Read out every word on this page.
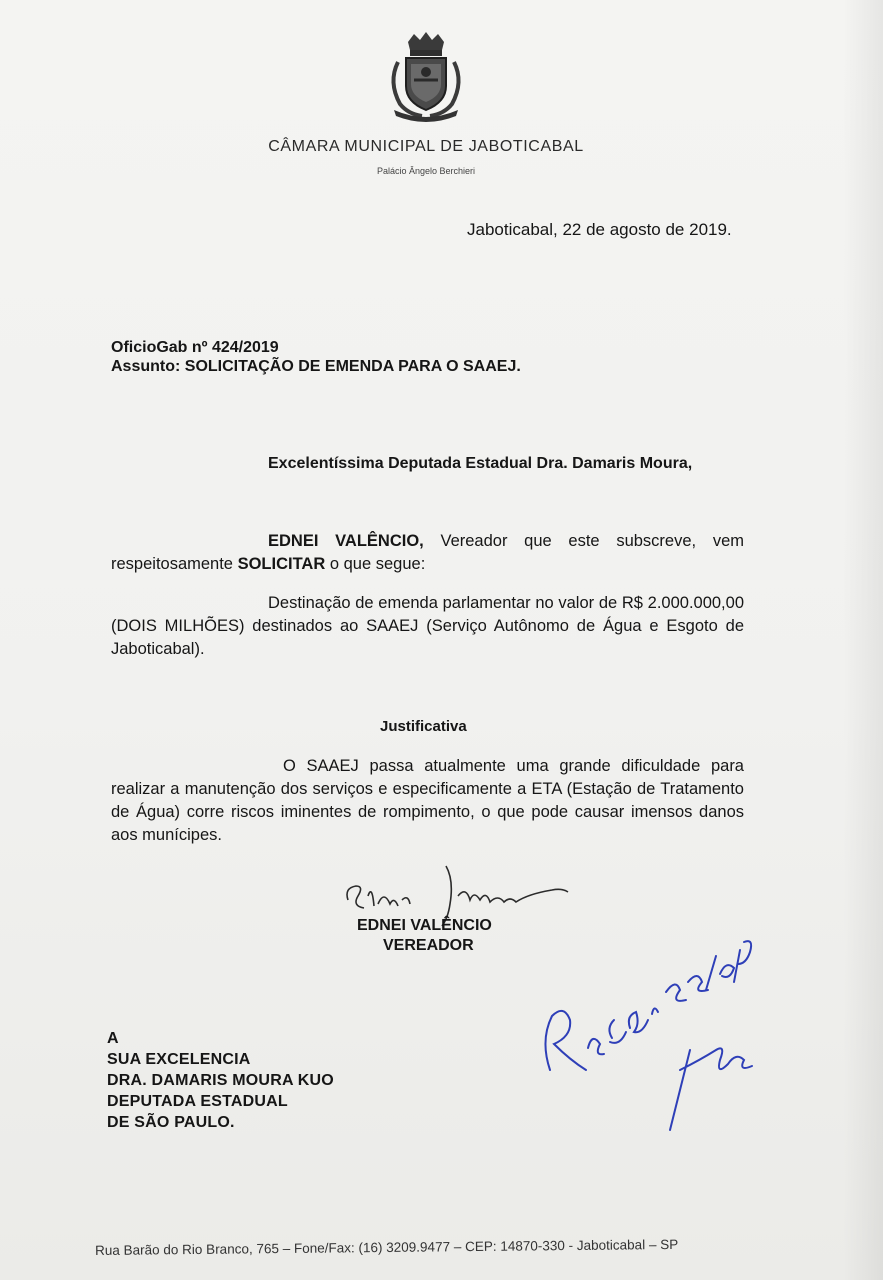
CÂMARA MUNICIPAL DE JABOTICABAL
Palácio Ângelo Berchieri
Jaboticabal, 22 de agosto de 2019.
OficioGab nº 424/2019
Assunto: SOLICITAÇÃO DE EMENDA PARA O SAAEJ.
Excelentíssima Deputada Estadual Dra. Damaris Moura,
EDNEI VALÊNCIO, Vereador que este subscreve, vem respeitosamente SOLICITAR o que segue:
Destinação de emenda parlamentar no valor de R$ 2.000.000,00 (DOIS MILHÕES) destinados ao SAAEJ (Serviço Autônomo de Água e Esgoto de Jaboticabal).
Justificativa
O SAAEJ passa atualmente uma grande dificuldade para realizar a manutenção dos serviços e especificamente a ETA (Estação de Tratamento de Água) corre riscos iminentes de rompimento, o que pode causar imensos danos aos munícipes.
EDNEI VALÊNCIO
VEREADOR
A
SUA EXCELENCIA
DRA. DAMARIS MOURA KUO
DEPUTADA ESTADUAL
DE SÃO PAULO.
Rua Barão do Rio Branco, 765 – Fone/Fax: (16) 3209.9477 – CEP: 14870-330 - Jaboticabal – SP
